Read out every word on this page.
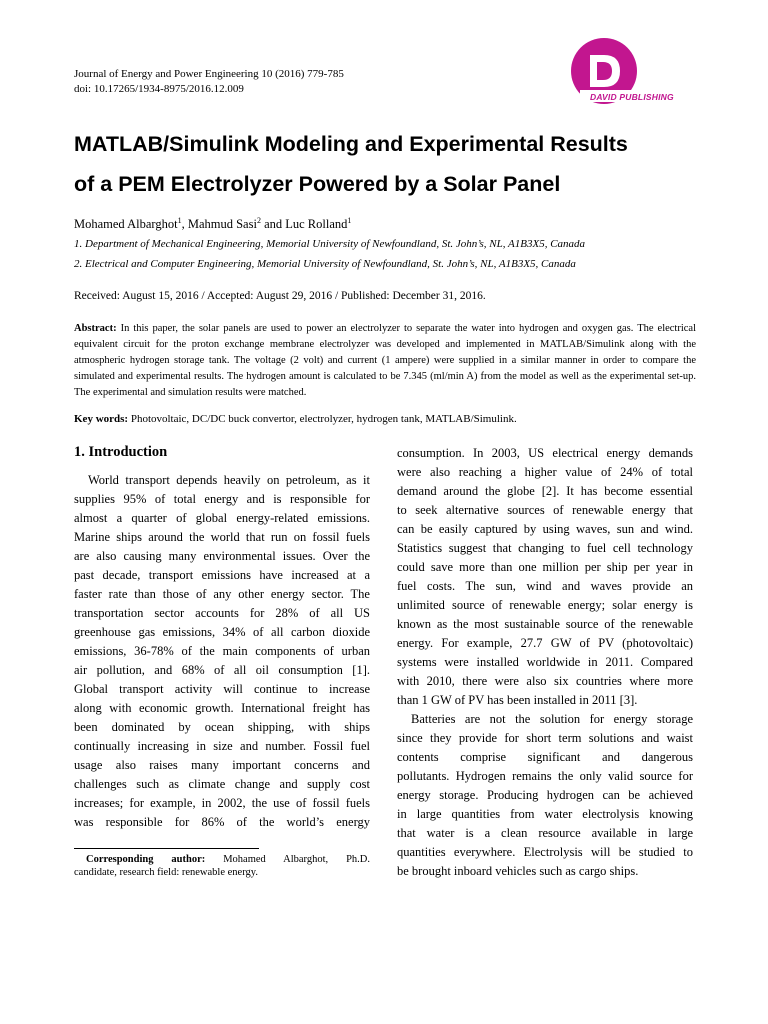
Journal of Energy and Power Engineering 10 (2016) 779-785
doi: 10.17265/1934-8975/2016.12.009
DAVID PUBLISHING
MATLAB/Simulink Modeling and Experimental Results
of a PEM Electrolyzer Powered by a Solar Panel
Mohamed Albarghot$^1$, Mahmud Sasi$^2$ and Luc Rolland$^1$
1. Department of Mechanical Engineering, Memorial University of Newfoundland, St. John’s, NL, A1B3X5, Canada
2. Electrical and Computer Engineering, Memorial University of Newfoundland, St. John’s, NL, A1B3X5, Canada
Received: August 15, 2016 / Accepted: August 29, 2016 / Published: December 31, 2016.
Abstract: In this paper, the solar panels are used to power an electrolyzer to separate the water into hydrogen and oxygen gas. The electrical equivalent circuit for the proton exchange membrane electrolyzer was developed and implemented in MATLAB/Simulink along with the atmospheric hydrogen storage tank. The voltage (2 volt) and current (1 ampere) were supplied in a similar manner in order to compare the simulated and experimental results. The hydrogen amount is calculated to be 7.345 (ml/min A) from the model as well as the experimental set-up. The experimental and simulation results were matched.
Key words: Photovoltaic, DC/DC buck convertor, electrolyzer, hydrogen tank, MATLAB/Simulink.
1. Introduction

World transport depends heavily on petroleum, as it
supplies 95% of total energy and is responsible for
almost a quarter of global energy-related emissions.
Marine ships around the world that run on fossil fuels
are also causing many environmental issues. Over the
past decade, transport emissions have increased at a
faster rate than those of any other energy sector. The
transportation sector accounts for 28% of all US
greenhouse gas emissions, 34% of all carbon dioxide
emissions, 36-78% of the main components of urban
air pollution, and 68% of all oil consumption [1].
Global transport activity will continue to increase
along with economic growth. International freight has
been dominated by ocean shipping, with ships
continually increasing in size and number. Fossil fuel
usage also raises many important concerns and
challenges such as climate change and supply cost
increases; for example, in 2002, the use of fossil fuels
was responsible for 86% of the world’s energy

consumption. In 2003, US electrical energy demands
were also reaching a higher value of 24% of total
demand around the globe [2]. It has become essential
to seek alternative sources of renewable energy that
can be easily captured by using waves, sun and wind.
Statistics suggest that changing to fuel cell technology
could save more than one million per ship per year in
fuel costs. The sun, wind and waves provide an
unlimited source of renewable energy; solar energy is
known as the most sustainable source of the renewable
energy. For example, 27.7 GW of PV (photovoltaic)
systems were installed worldwide in 2011. Compared
with 2010, there were also six countries where more
than 1 GW of PV has been installed in 2011 [3].

Batteries are not the solution for energy storage
since they provide for short term solutions and waist
contents comprise significant and dangerous
pollutants. Hydrogen remains the only valid source for
energy storage. Producing hydrogen can be achieved
in large quantities from water electrolysis knowing
that water is a clean resource available in large
quantities everywhere. Electrolysis will be studied to
be brought inboard vehicles such as cargo ships.

Corresponding author: Mohamed Albarghot, Ph.D.
candidate, research field: renewable energy.
